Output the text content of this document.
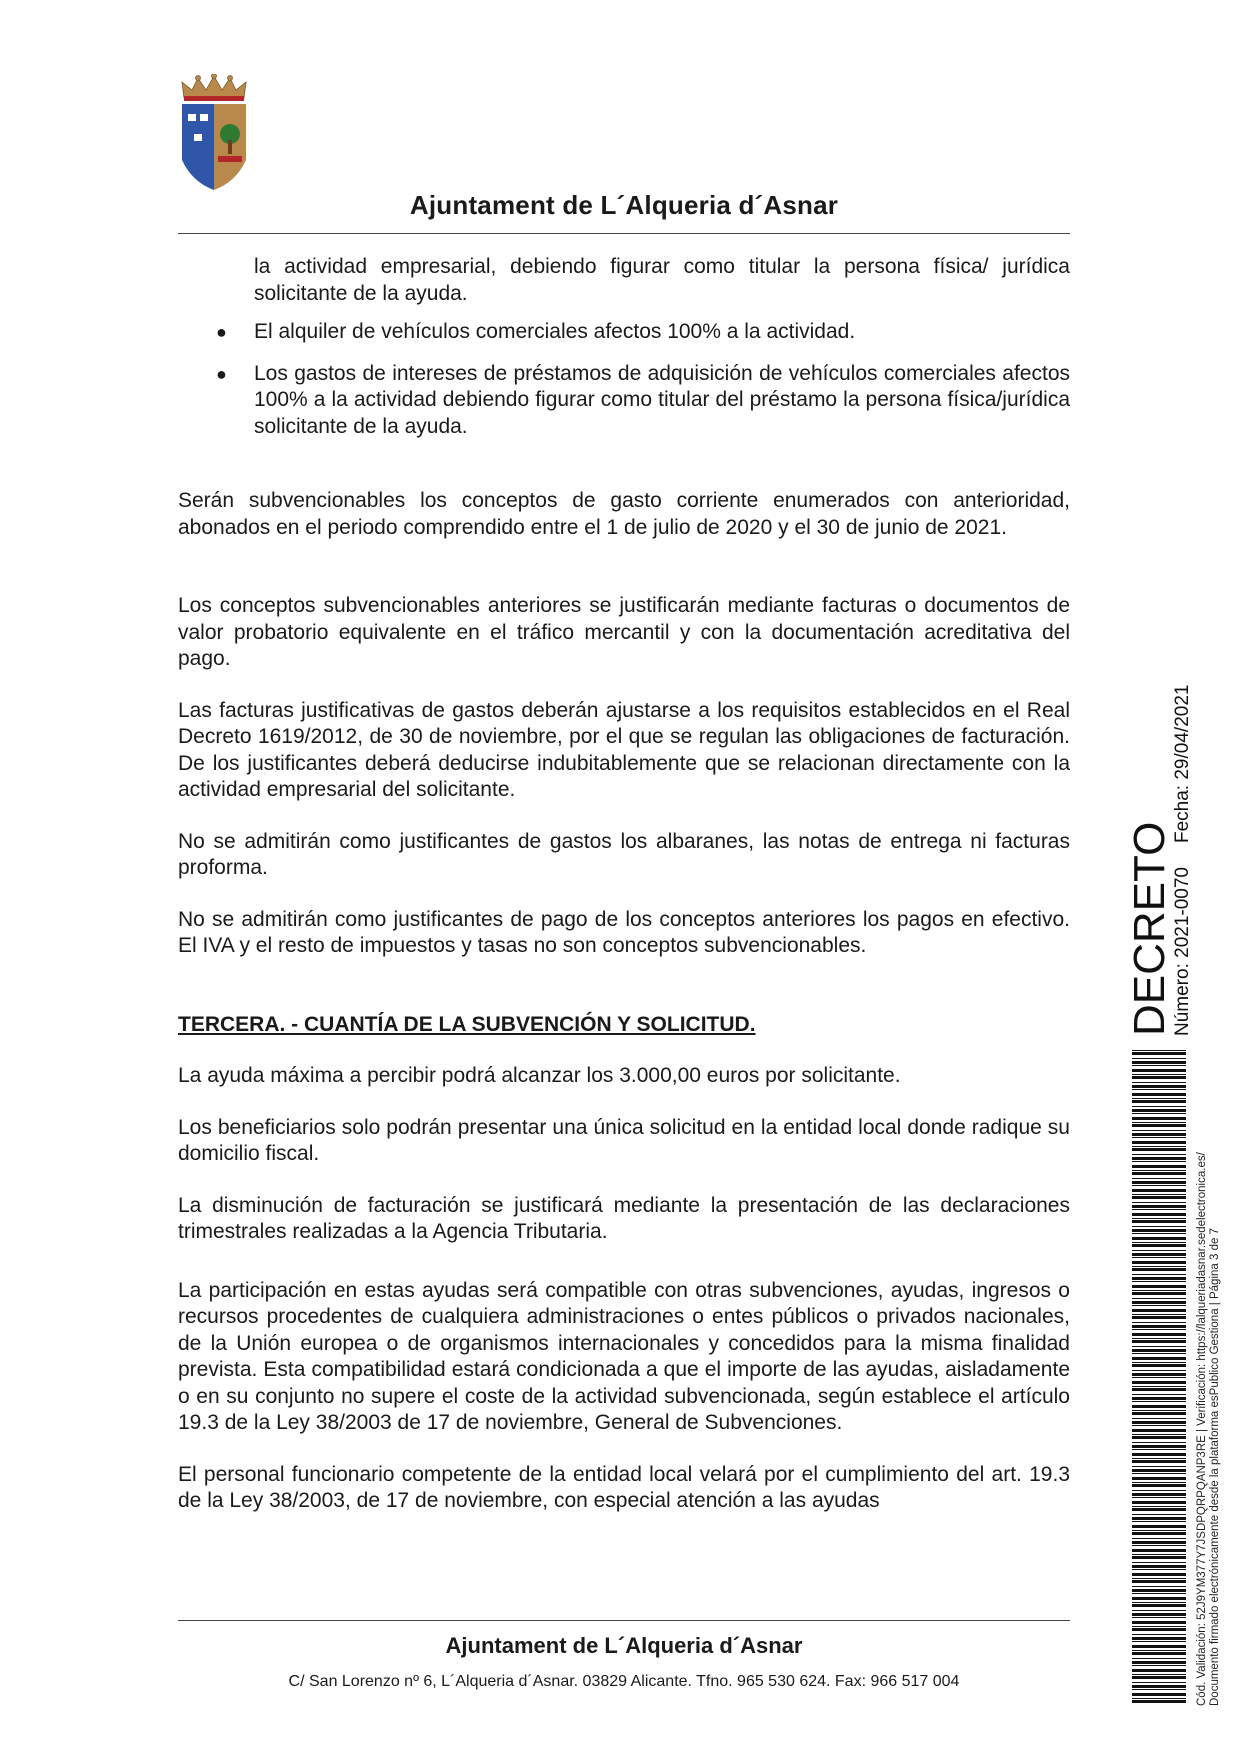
Ajuntament de L´Alqueria d´Asnar

la actividad empresarial, debiendo figurar como titular la persona física/ jurídica solicitante de la ayuda.

● El alquiler de vehículos comerciales afectos 100% a la actividad.
● Los gastos de intereses de préstamos de adquisición de vehículos comerciales afectos 100% a la actividad debiendo figurar como titular del préstamo la persona física/jurídica solicitante de la ayuda.

Serán subvencionables los conceptos de gasto corriente enumerados con anterioridad, abonados en el periodo comprendido entre el 1 de julio de 2020 y el 30 de junio de 2021.

Los conceptos subvencionables anteriores se justificarán mediante facturas o documentos de valor probatorio equivalente en el tráfico mercantil y con la documentación acreditativa del pago.

Las facturas justificativas de gastos deberán ajustarse a los requisitos establecidos en el Real Decreto 1619/2012, de 30 de noviembre, por el que se regulan las obligaciones de facturación. De los justificantes deberá deducirse indubitablemente que se relacionan directamente con la actividad empresarial del solicitante.

No se admitirán como justificantes de gastos los albaranes, las notas de entrega ni facturas proforma.

No se admitirán como justificantes de pago de los conceptos anteriores los pagos en efectivo. El IVA y el resto de impuestos y tasas no son conceptos subvencionables.

TERCERA. - CUANTÍA DE LA SUBVENCIÓN Y SOLICITUD.

La ayuda máxima a percibir podrá alcanzar los 3.000,00 euros por solicitante.

Los beneficiarios solo podrán presentar una única solicitud en la entidad local donde radique su domicilio fiscal.

La disminución de facturación se justificará mediante la presentación de las declaraciones trimestrales realizadas a la Agencia Tributaria.

La participación en estas ayudas será compatible con otras subvenciones, ayudas, ingresos o recursos procedentes de cualquiera administraciones o entes públicos o privados nacionales, de la Unión europea o de organismos internacionales y concedidos para la misma finalidad prevista. Esta compatibilidad estará condicionada a que el importe de las ayudas, aisladamente o en su conjunto no supere el coste de la actividad subvencionada, según establece el artículo 19.3 de la Ley 38/2003 de 17 de noviembre, General de Subvenciones.

El personal funcionario competente de la entidad local velará por el cumplimiento del art. 19.3 de la Ley 38/2003, de 17 de noviembre, con especial atención a las ayudas

Ajuntament de L´Alqueria d´Asnar
C/ San Lorenzo nº 6, L´Alqueria d´Asnar. 03829 Alicante. Tfno. 965 530 624. Fax: 966 517 004
DECRETO
Número: 2021-0070Fecha: 29/04/2021
Cód. Validación: 52J9YM377Y7JSDPQRPQANP3RE | Verificación: https://lalqueriadasnar.sedelectronica.es/ Documento firmado electrónicamente desde la plataforma esPublico Gestiona | Página 3 de 7
